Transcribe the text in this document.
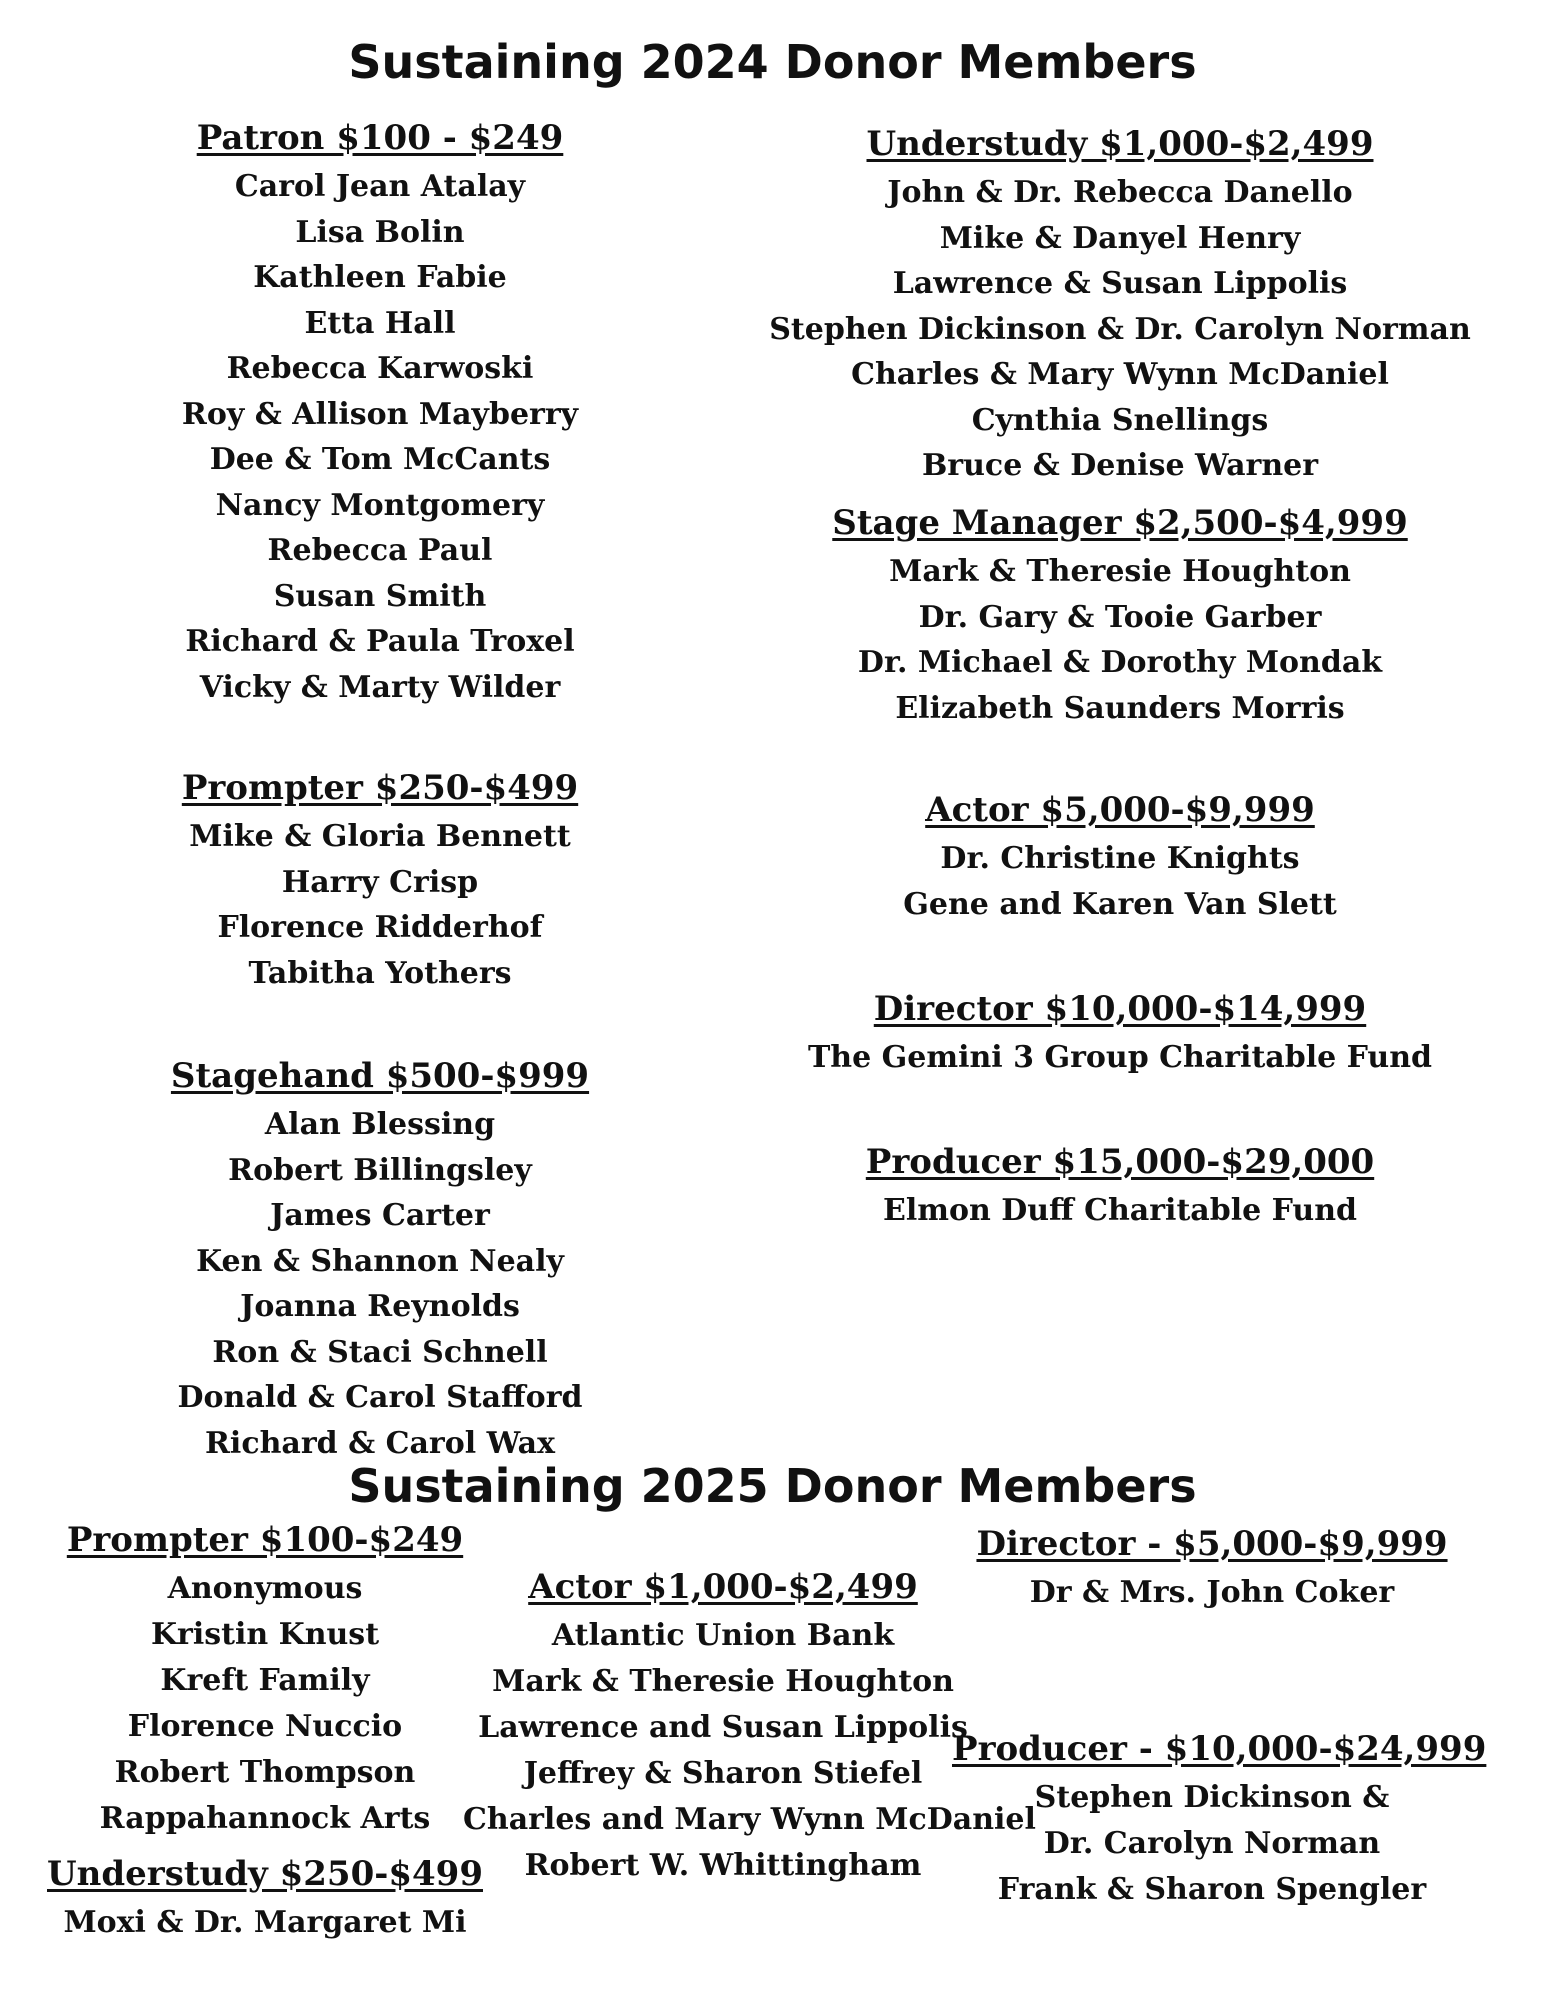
Sustaining 2024 Donor Members
Patron $100 - $249
Carol Jean Atalay
Lisa Bolin
Kathleen Fabie
Etta Hall
Rebecca Karwoski
Roy & Allison Mayberry
Dee & Tom McCants
Nancy Montgomery
Rebecca Paul
Susan Smith
Richard & Paula Troxel
Vicky & Marty Wilder
Prompter $250-$499
Mike & Gloria Bennett
Harry Crisp
Florence Ridderhof
Tabitha Yothers
Stagehand $500-$999
Alan Blessing
Robert Billingsley
James Carter
Ken & Shannon Nealy
Joanna Reynolds
Ron & Staci Schnell
Donald & Carol Stafford
Richard & Carol Wax
Understudy $1,000-$2,499
John & Dr. Rebecca Danello
Mike & Danyel Henry
Lawrence & Susan Lippolis
Stephen Dickinson & Dr. Carolyn Norman
Charles & Mary Wynn McDaniel
Cynthia Snellings
Bruce & Denise Warner
Stage Manager $2,500-$4,999
Mark & Theresie Houghton
Dr. Gary & Tooie Garber
Dr. Michael & Dorothy Mondak
Elizabeth Saunders Morris
Actor $5,000-$9,999
Dr. Christine Knights
Gene and Karen Van Slett
Director $10,000-$14,999
The Gemini 3 Group Charitable Fund
Producer $15,000-$29,000
Elmon Duff Charitable Fund
Sustaining 2025 Donor Members
Prompter $100-$249
Anonymous
Kristin Knust
Kreft Family
Florence Nuccio
Robert Thompson
Rappahannock Arts
Understudy $250-$499
Moxi & Dr. Margaret Mi
Actor $1,000-$2,499
Atlantic Union Bank
Mark & Theresie Houghton
Lawrence and Susan Lippolis
Jeffrey & Sharon Stiefel
Charles and Mary Wynn McDaniel
Robert W. Whittingham
Director - $5,000-$9,999
Dr & Mrs. John Coker
Producer - $10,000-$24,999
Stephen Dickinson &
Dr. Carolyn Norman
Frank & Sharon Spengler
